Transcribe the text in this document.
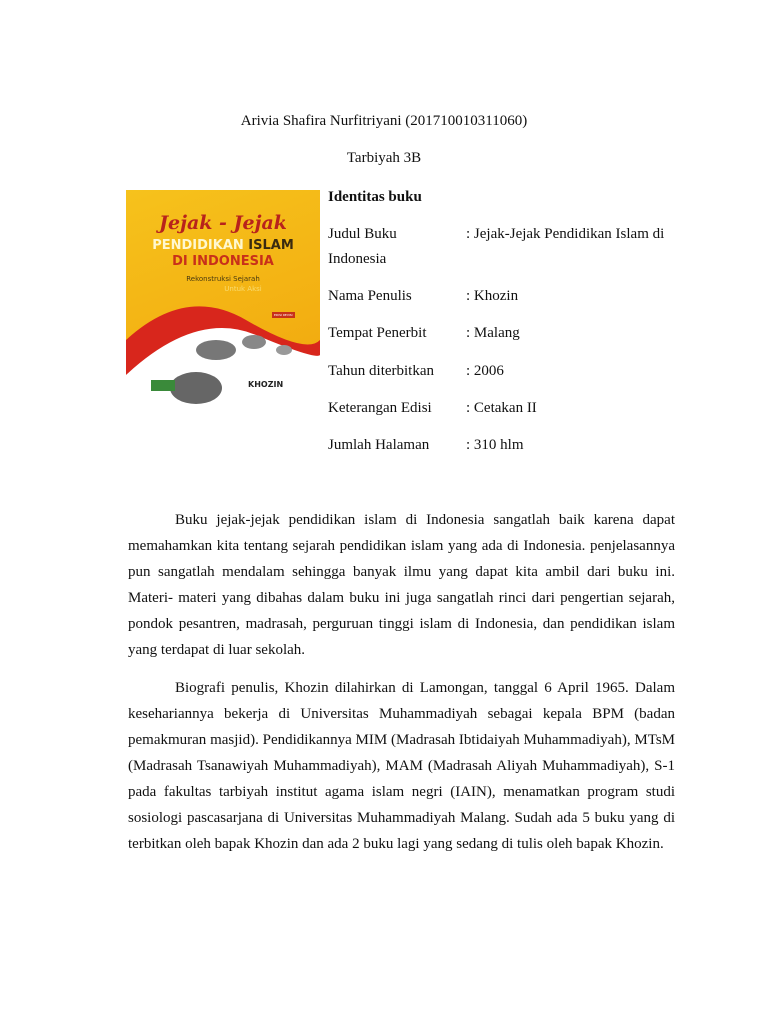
Arivia Shafira Nurfitriyani (201710010311060)
Tarbiyah 3B
Jejak - Jejak
PENDIDIKAN ISLAM
DI INDONESIA
Rekonstruksi Sejarah
Untuk Aksi
EDISI REVISI
KHOZIN
Identitas buku
Judul Buku	: Jejak-Jejak Pendidikan Islam di
Indonesia
Nama Penulis	: Khozin
Tempat Penerbit	: Malang
Tahun diterbitkan : 2006
Keterangan Edisi : Cetakan II
Jumlah Halaman : 310 hlm

Buku jejak-jejak pendidikan islam di Indonesia sangatlah baik karena dapat memahamkan kita tentang sejarah pendidikan islam yang ada di Indonesia. penjelasannya pun sangatlah mendalam sehingga banyak ilmu yang dapat kita ambil dari buku ini. Materi- materi yang dibahas dalam buku ini juga sangatlah rinci dari pengertian sejarah, pondok pesantren, madrasah, perguruan tinggi islam di Indonesia, dan pendidikan islam yang terdapat di luar sekolah.

Biografi penulis, Khozin dilahirkan di Lamongan, tanggal 6 April 1965. Dalam kesehariannya bekerja di Universitas Muhammadiyah sebagai kepala BPM (badan pemakmuran masjid). Pendidikannya MIM (Madrasah Ibtidaiyah Muhammadiyah), MTsM (Madrasah Tsanawiyah Muhammadiyah), MAM (Madrasah Aliyah Muhammadiyah), S-1 pada fakultas tarbiyah institut agama islam negri (IAIN), menamatkan program studi sosiologi pascasarjana di Universitas Muhammadiyah Malang. Sudah ada 5 buku yang di terbitkan oleh bapak Khozin dan ada 2 buku lagi yang sedang di tulis oleh bapak Khozin.
